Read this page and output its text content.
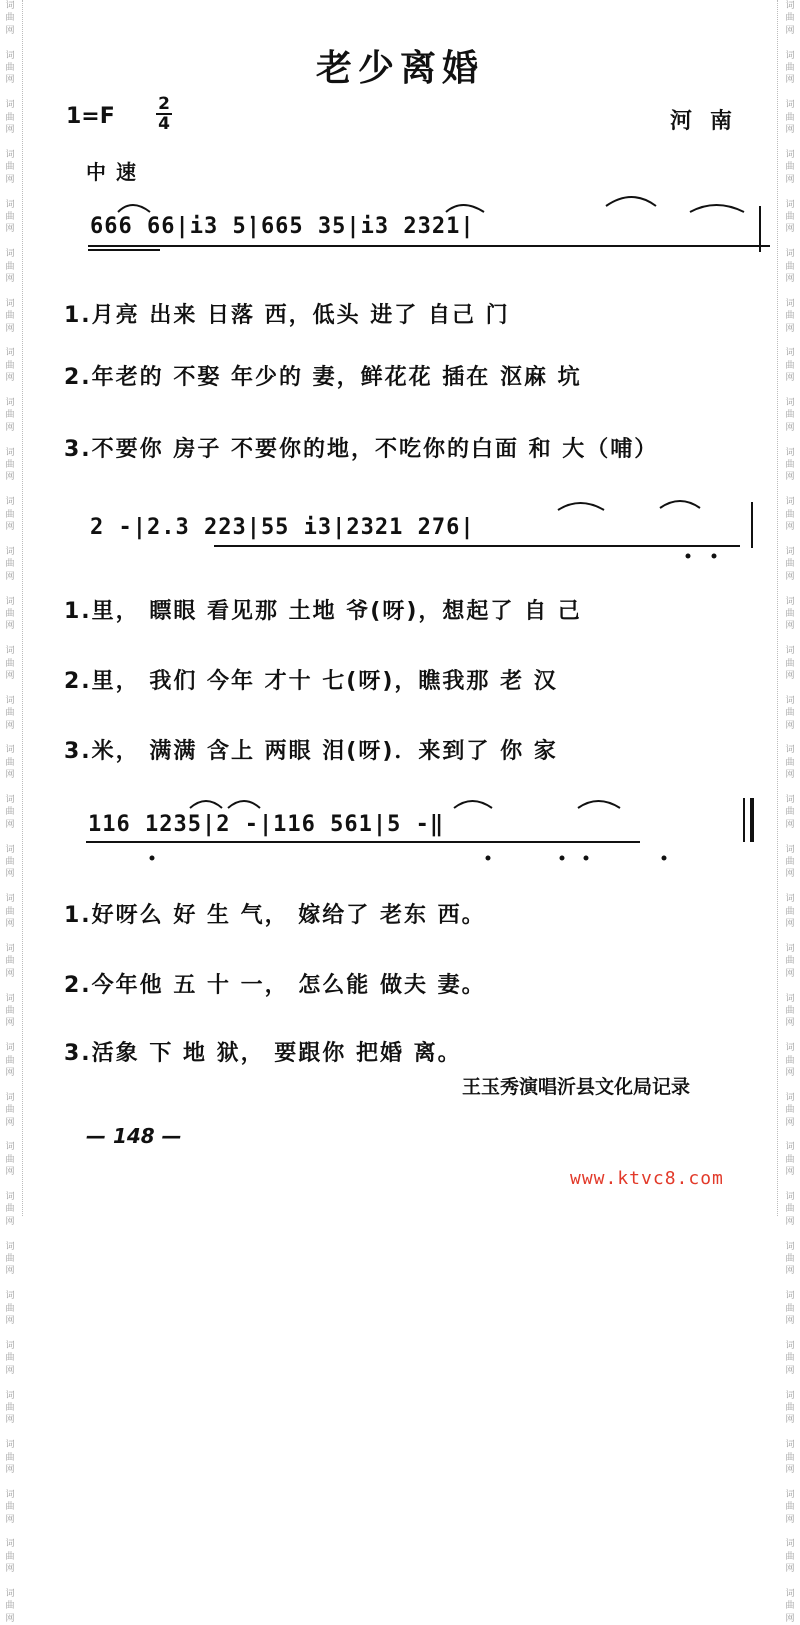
词
曲
网

词
曲
网

词
曲
网

词
曲
网

词
曲
网

词
曲
网

词
曲
网

词
曲
网

词
曲
网

词
曲
网

词
曲
网

词
曲
网

词
曲
网

词
曲
网

词
曲
网

词
曲
网

词
曲
网

词
曲
网

词
曲
网

词
曲
网

词
曲
网

词
曲
网

词
曲
网

词
曲
网

词
曲
网

词
曲
网

词
曲
网

词
曲
网

词
曲
网

词
曲
网

词
曲
网

词
曲
网

词
曲
网

词
曲
网

词
曲
网

词
曲
网

词
曲
网

词
曲
网

词
曲
网

词
曲
网

词
曲
网

词
曲
网

词
曲
网

词
曲
网

词
曲
网

词
曲
网

词
曲
网

词
曲
网

词
曲
网

词
曲
网

词
曲
网

词
曲
网

词
曲
网

词
曲
网

词
曲
网

词
曲
网

词
曲
网

词
曲
网

词
曲
网

词
曲
网

词
曲
网

词
曲
网

词
曲
网

词
曲
网

词
曲
网

词
曲
网

老少离婚
1=F	2
4	河南
中速
666 66|i3 5̇|665 35|i3 2321|
2 -|2.3 223|55 i3|2321 276|
116 1235|2 -|116 561|5 -‖
1.月亮 出来 日落 西，低头 进了 自己 门
2.年老的 不娶 年少的 妻，鲜花花 插在 沤麻 坑
3.不要你 房子 不要你的地，不吃你的白面 和 大（哺）
1.里， 瞟眼 看见那 土地 爷(呀)，想起了 自 己
2.里， 我们 今年 才十 七(呀)，瞧我那 老 汉
3.米， 满满 含上 两眼 泪(呀)．来到了 你 家
1.好呀么 好 生 气， 嫁给了 老东 西。
2.今年他 五 十 一， 怎么能 做夫 妻。
3.活象 下 地 狱， 要跟你 把婚 离。
王玉秀演唱沂县文化局记录
— 148 —
www.ktvc8.com
